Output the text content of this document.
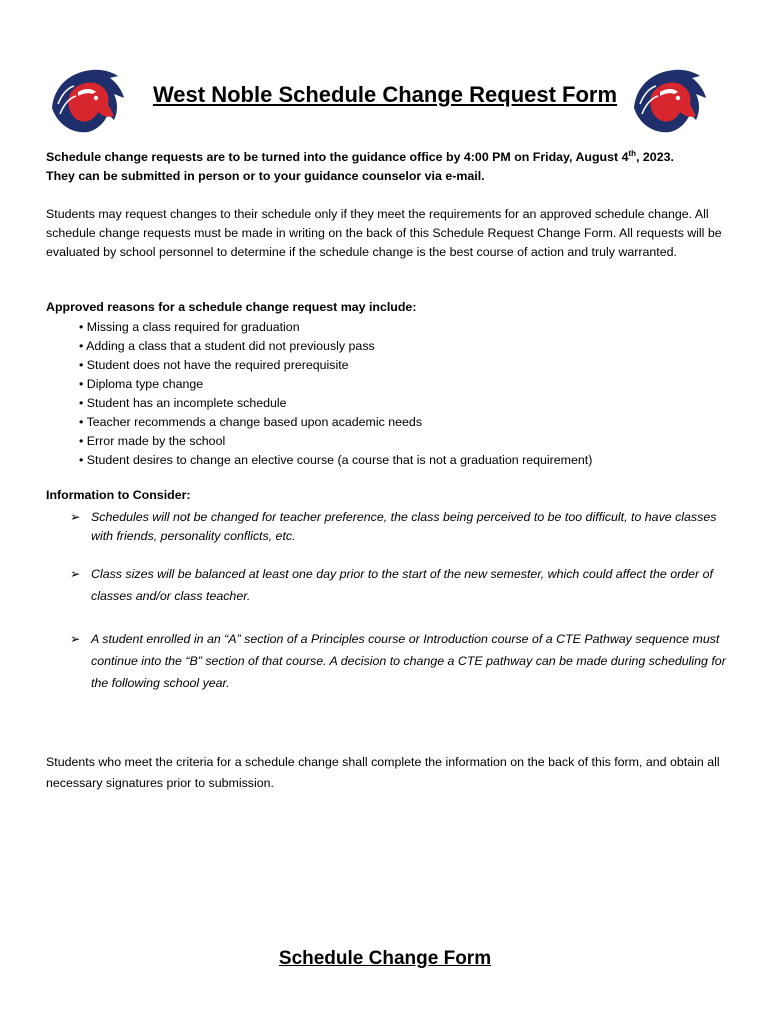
West Noble Schedule Change Request Form
Schedule change requests are to be turned into the guidance office by 4:00 PM on Friday, August 4th, 2023.
They can be submitted in person or to your guidance counselor via e-mail.

Students may request changes to their schedule only if they meet the requirements for an approved schedule change. All schedule change requests must be made in writing on the back of this Schedule Request Change Form. All requests will be evaluated by school personnel to determine if the schedule change is the best course of action and truly warranted.

Approved reasons for a schedule change request may include:
• Missing a class required for graduation
• Adding a class that a student did not previously pass
• Student does not have the required prerequisite
• Diploma type change
• Student has an incomplete schedule
• Teacher recommends a change based upon academic needs
• Error made by the school
• Student desires to change an elective course (a course that is not a graduation requirement)
Information to Consider:
➢ Schedules will not be changed for teacher preference, the class being perceived to be too difficult, to have classes with friends, personality conflicts, etc.
➢ Class sizes will be balanced at least one day prior to the start of the new semester, which could affect the order of classes and/or class teacher.
➢ A student enrolled in an “A” section of a Principles course or Introduction course of a CTE Pathway sequence must continue into the “B” section of that course. A decision to change a CTE pathway can be made during scheduling for the following school year.

Students who meet the criteria for a schedule change shall complete the information on the back of this form, and obtain all necessary signatures prior to submission.

Schedule Change Form
